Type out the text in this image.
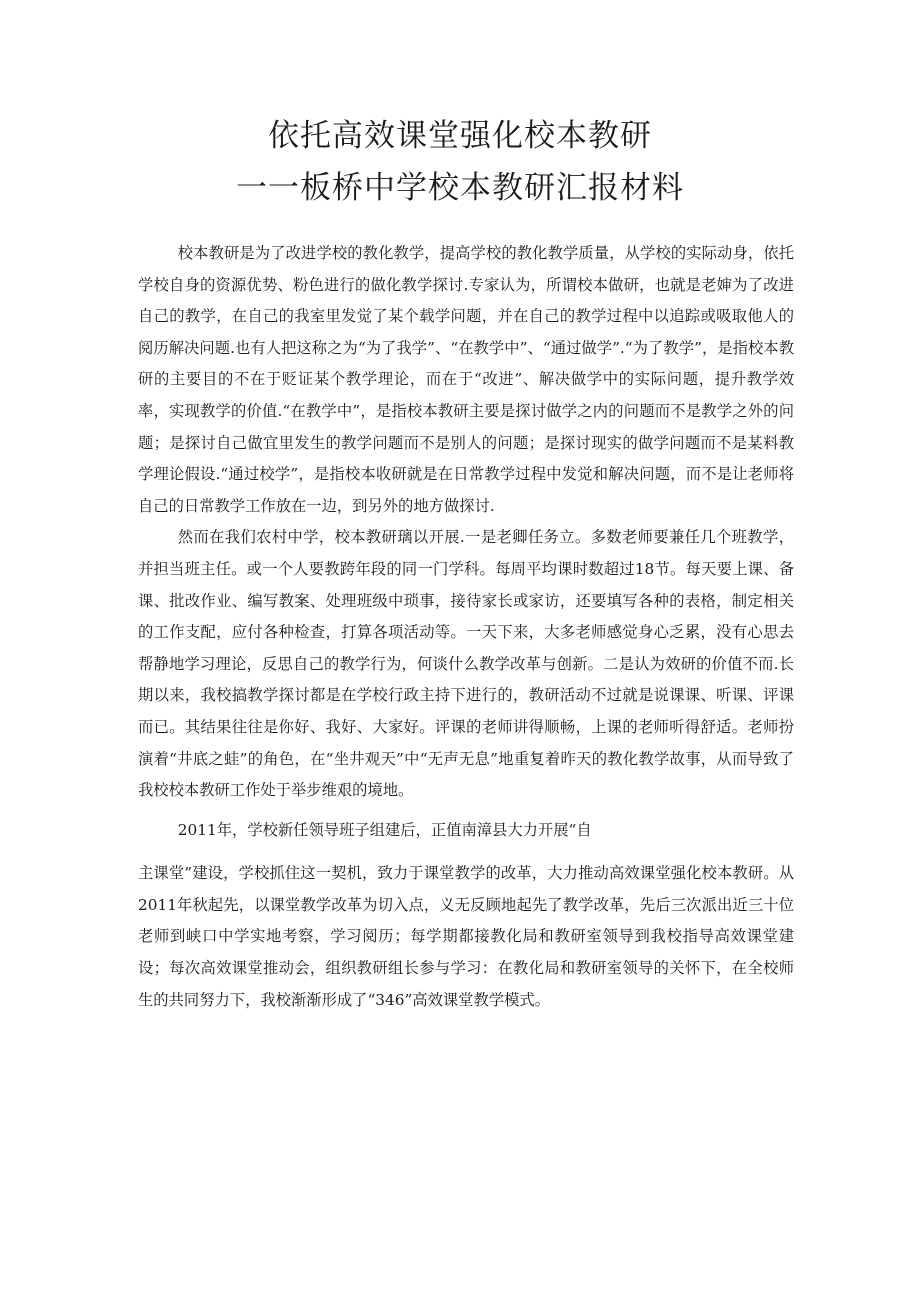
依托高效课堂强化校本教研
一一板桥中学校本教研汇报材料

校本教研是为了改进学校的教化教学，提高学校的教化教学质量，从学校的实际动身，依托学校自身的资源优势、粉色进行的做化教学探讨.专家认为，所谓校本做研，也就是老婶为了改进自己的教学，在自己的我室里发觉了某个载学问题，并在自己的教学过程中以追踪或吸取他人的阅历解决问题.也有人把这称之为“为了我学”、“在教学中”、“通过做学”.“为了教学”，是指校本教研的主要目的不在于贬证某个教学理论，而在于“改进”、解决做学中的实际问题，提升教学效率，实现教学的价值.“在教学中”，是指校本教研主要是探讨做学之内的问题而不是教学之外的问题；是探讨自己做宜里发生的教学问题而不是别人的问题；是探讨现实的做学问题而不是某料教学理论假设.“通过校学”，是指校本收研就是在日常教学过程中发觉和解决问题，而不是让老师将自己的日常教学工作放在一边，到另外的地方做探讨.

然而在我们农村中学，校本教研璃以开展.一是老卿任务立。多数老师要兼任几个班教学，并担当班主任。或一个人要教跨年段的同一门学科。每周平均课时数超过18节。每天要上课、备课、批改作业、编写教案、处理班级中琐事，接待家长或家访，还要填写各种的表格，制定相关的工作支配，应付各种检查，打算各项活动等。一天下来，大多老师感觉身心乏累，没有心思去帮静地学习理论，反思自己的教学行为，何谈什么教学改革与创新。二是认为效研的价值不而.长期以来，我校搞教学探讨都是在学校行政主持下进行的，教研活动不过就是说课课、听课、评课而已。其结果往往是你好、我好、大家好。评课的老师讲得顺畅，上课的老师听得舒适。老师扮演着“井底之蛙”的角色，在“坐井观天”中“无声无息”地重复着昨天的教化教学故事，从而导致了我校校本教研工作处于举步维艰的境地。

2011年，学校新任领导班子组建后，正值南漳县大力开展“自

主课堂”建设，学校抓住这一契机，致力于课堂教学的改革，大力推动高效课堂强化校本教研。从2011年秋起先，以课堂教学改革为切入点，义无反顾地起先了教学改革，先后三次派出近三十位老师到峡口中学实地考察，学习阅历；每学期都接教化局和教研室领导到我校指导高效课堂建设；每次高效课堂推动会，组织教研组长参与学习：在教化局和教研室领导的关怀下，在全校师生的共同努力下，我校渐渐形成了“346”高效课堂教学模式。
